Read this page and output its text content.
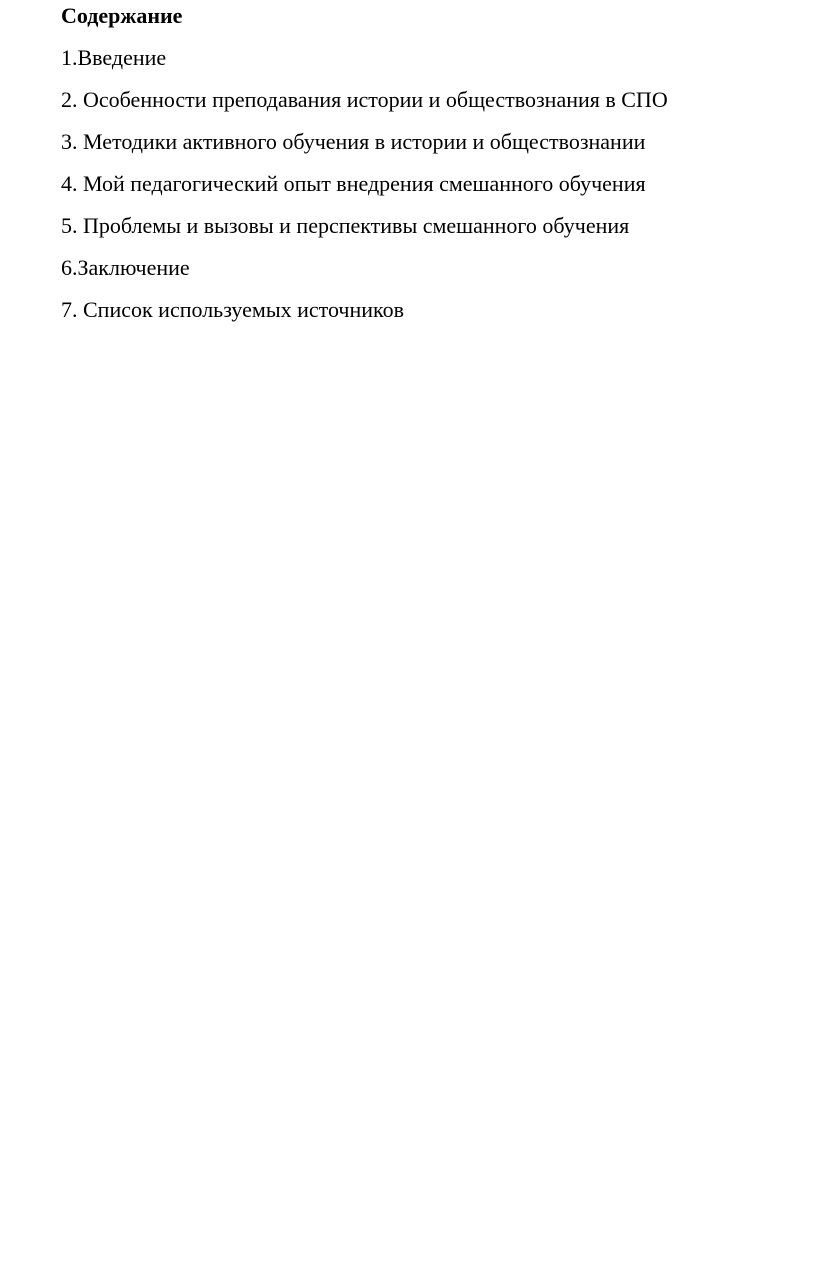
Содержание
1.Введение
2. Особенности преподавания истории и обществознания в СПО
3. Методики активного обучения в истории и обществознании
4. Мой педагогический опыт внедрения смешанного обучения
5. Проблемы и вызовы и перспективы смешанного обучения
6.Заключение
7. Список используемых источников
